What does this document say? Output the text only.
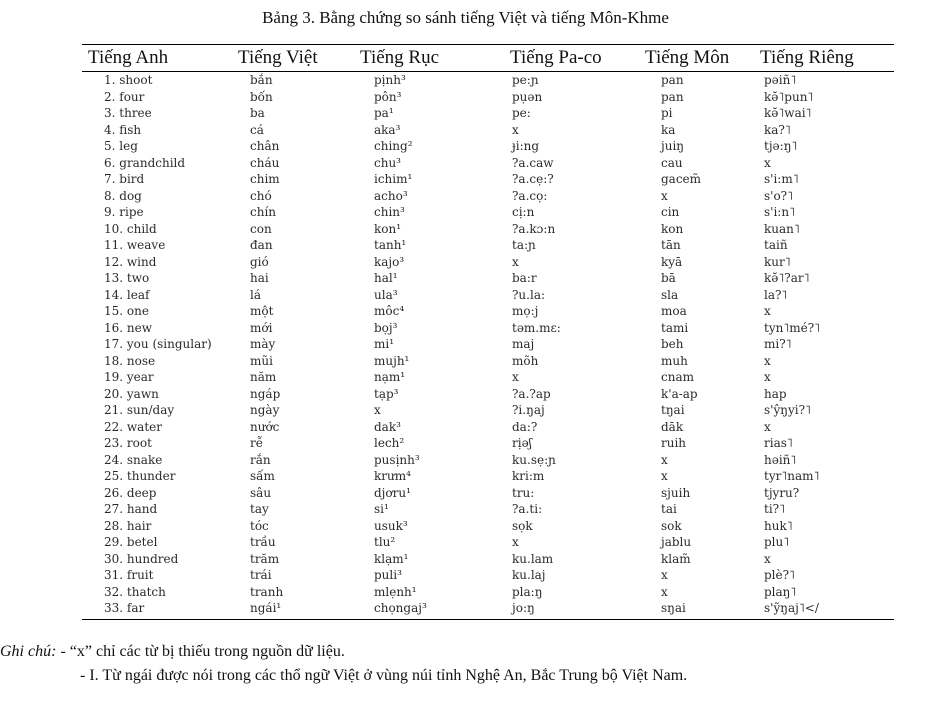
Bảng 3. Bằng chứng so sánh tiếng Việt và tiếng Môn-Khme
Tiếng Anh	Tiếng Việt	Tiếng Rục	Tiếng Pa-co	Tiếng Môn	Tiếng Riêng
1. shoot	bắn	pịnh³	pe:ɲ	pan	pəiñ˥
2. four	bốn	pôn³	pụən	pan	kə̆˥pun˥
3. three	ba	pa¹	pe:	pi	kə̆˥wai˥
4. fish	cá	aka³	x	ka	ka?˥
5. leg	chân	ching²	ɟi:ng	juiŋ	tjə:ŋ˥
6. grandchild	cháu	chu³	?a.caw	cau	x
7. bird	chim	ichim¹	?a.cẹ:?	gacem̃	s'i:m˥
8. dog	chó	acho³	?a.cọ:	x	s'o?˥
9. ripe	chín	chin³	cị:n	cin	s'i:n˥
10. child	con	kon¹	?a.kɔ:n	kon	kuan˥
11. weave	đan	tanh¹	ta:ɲ	tān	taiñ
12. wind	gió	kajo³	x	kyā	kur˥
13. two	hai	hal¹	ba:r	bā	kə̆˥?ar˥
14. leaf	lá	ula³	?u.la:	sla	la?˥
15. one	một	môc⁴	mọ:j	moa	x
16. new	mới	bọj³	təm.mɛ:	tami	tyn˥mé?˥
17. you (singular)	mày	mi¹	maj	beh	mi?˥
18. nose	mũi	mujh¹	mõh	muh	x
19. year	năm	nạm¹	x	cnam	x
20. yawn	ngáp	tạp³	?a.?ap	k'a-ap	hap
21. sun/day	ngày	x	?i.ŋaj	tŋai	s'ŷŋyi?˥
22. water	nước	dak³	da:?	dāk	x
23. root	rễ	lech²	rịəʃ	ruih	rias˥
24. snake	rắn	pusịnh³	ku.sẹ:ɲ	x	həiñ˥
25. thunder	sấm	krưm⁴	kri:m	x	tyr˥nam˥
26. deep	sâu	djơru¹	tru:	sjuih	tjyru?
27. hand	tay	si¹	?a.ti:	tai	ti?˥
28. hair	tóc	usuk³	sọk	sok	huk˥
29. betel	trầu	tlu²	x	jablu	plu˥
30. hundred	trăm	klạm¹	ku.lam	klam̃	x
31. fruit	trái	puli³	ku.laj	x	plè?˥
32. thatch	tranh	mlẹnh¹	pla:ŋ	x	plaŋ˥
33. far	ngái¹	chọngaj³	jo:ŋ	sŋai	s'ỹŋaj˥</
Ghi chú: - “x” chỉ các từ bị thiếu trong nguồn dữ liệu.
- I. Từ ngái được nói trong các thổ ngữ Việt ở vùng núi tỉnh Nghệ An, Bắc Trung bộ Việt Nam.
